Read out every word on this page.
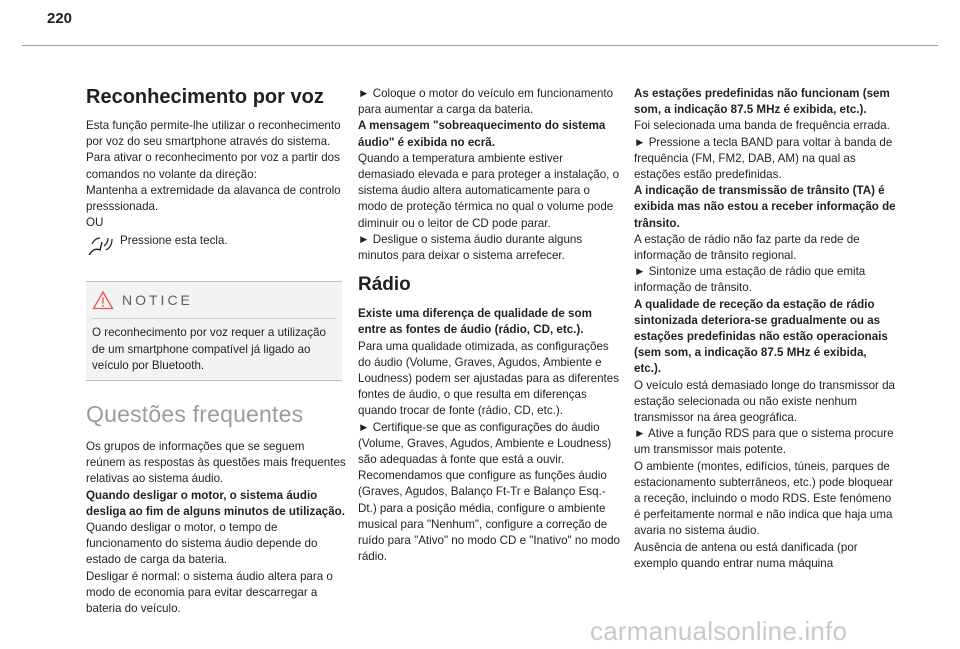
220
Reconhecimento por voz

Esta função permite-lhe utilizar o reconhecimento por voz do seu smartphone através do sistema.

Para ativar o reconhecimento por voz a partir dos comandos no volante da direção:

Mantenha a extremidade da alavanca de controlo presssionada.

OU

Pressione esta tecla.
NOTICE

O reconhecimento por voz requer a utilização de um smartphone compatível já ligado ao veículo por Bluetooth.

Questões frequentes

Os grupos de informações que se seguem reúnem as respostas às questões mais frequentes relativas ao sistema áudio.

Quando desligar o motor, o sistema áudio desliga ao fim de alguns minutos de utilização.

Quando desligar o motor, o tempo de funcionamento do sistema áudio depende do estado de carga da bateria.

Desligar é normal: o sistema áudio altera para o modo de economia para evitar descarregar a bateria do veículo.

► Coloque o motor do veículo em funcionamento para aumentar a carga da bateria.

A mensagem "sobreaquecimento do sistema áudio" é exibida no ecrã.

Quando a temperatura ambiente estiver demasiado elevada e para proteger a instalação, o sistema áudio altera automaticamente para o modo de proteção térmica no qual o volume pode diminuir ou o leitor de CD pode parar.

► Desligue o sistema áudio durante alguns minutos para deixar o sistema arrefecer.

Rádio

Existe uma diferença de qualidade de som entre as fontes de áudio (rádio, CD, etc.).

Para uma qualidade otimizada, as configurações do áudio (Volume, Graves, Agudos, Ambiente e Loudness) podem ser ajustadas para as diferentes fontes de áudio, o que resulta em diferenças quando trocar de fonte (rádio, CD, etc.).

► Certifique-se que as configurações do áudio (Volume, Graves, Agudos, Ambiente e Loudness) são adequadas à fonte que está a ouvir. Recomendamos que configure as funções áudio (Graves, Agudos, Balanço Ft-Tr e Balanço Esq.-Dt.) para a posição média, configure o ambiente musical para "Nenhum", configure a correção de ruído para "Ativo" no modo CD e "Inativo" no modo rádio.

As estações predefinidas não funcionam (sem som, a indicação 87.5 MHz é exibida, etc.).

Foi selecionada uma banda de frequência errada.

► Pressione a tecla BAND para voltar à banda de frequência (FM, FM2, DAB, AM) na qual as estações estão predefinidas.

A indicação de transmissão de trânsito (TA) é exibida mas não estou a receber informação de trânsito.

A estação de rádio não faz parte da rede de informação de trânsito regional.

► Sintonize uma estação de rádio que emita informação de trânsito.

A qualidade de receção da estação de rádio sintonizada deteriora-se gradualmente ou as estações predefinidas não estão operacionais (sem som, a indicação 87.5 MHz é exibida, etc.).

O veículo está demasiado longe do transmissor da estação selecionada ou não existe nenhum transmissor na área geográfica.

► Ative a função RDS para que o sistema procure um transmissor mais potente.

O ambiente (montes, edifícios, túneis, parques de estacionamento subterrâneos, etc.) pode bloquear a receção, incluindo o modo RDS. Este fenómeno é perfeitamente normal e não indica que haja uma avaria no sistema áudio.

Ausência de antena ou está danificada (por exemplo quando entrar numa máquina

carmanualsonline.info
